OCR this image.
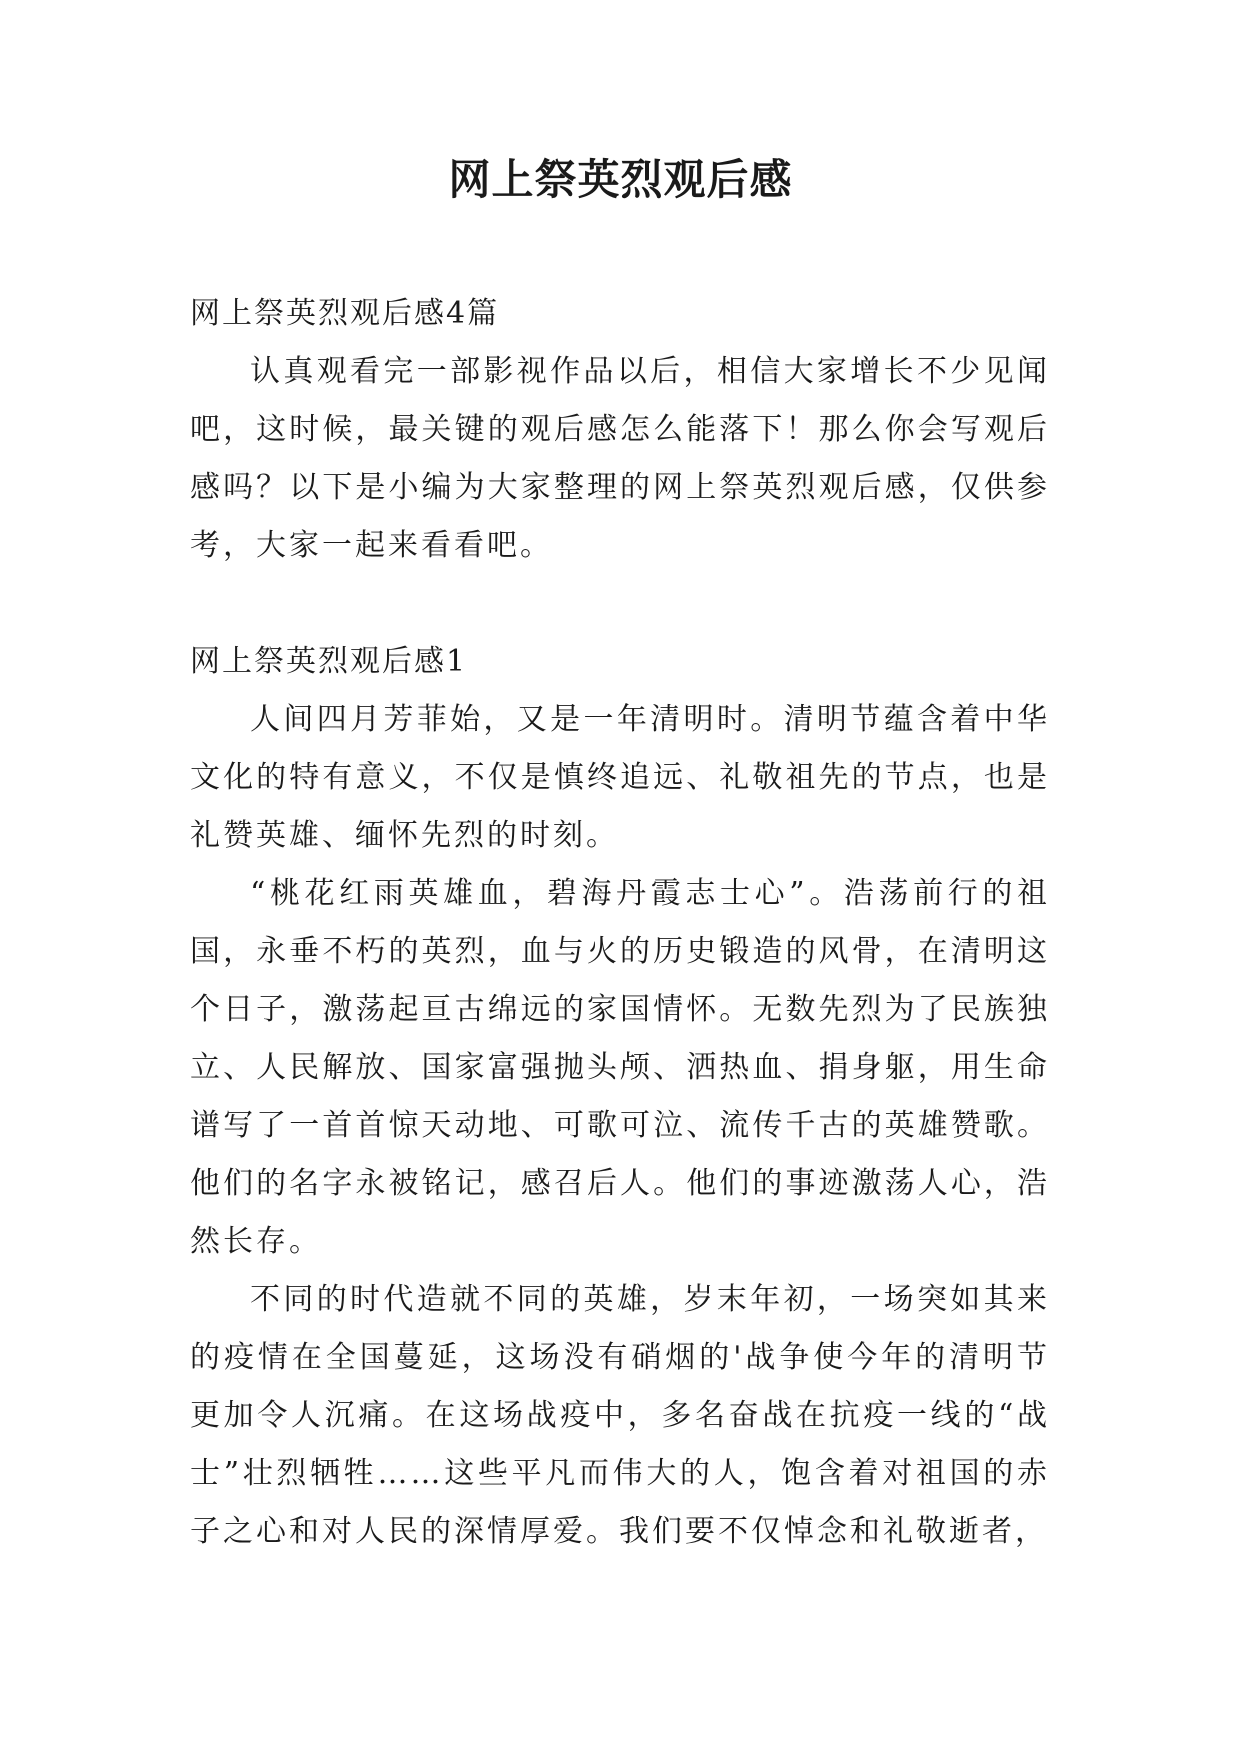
网上祭英烈观后感

网上祭英烈观后感4篇

认真观看完一部影视作品以后，相信大家增长不少见闻吧，这时候，最关键的观后感怎么能落下！那么你会写观后感吗？以下是小编为大家整理的网上祭英烈观后感，仅供参考，大家一起来看看吧。

网上祭英烈观后感1

人间四月芳菲始，又是一年清明时。清明节蕴含着中华文化的特有意义，不仅是慎终追远、礼敬祖先的节点，也是礼赞英雄、缅怀先烈的时刻。

“桃花红雨英雄血，碧海丹霞志士心”。浩荡前行的祖国，永垂不朽的英烈，血与火的历史锻造的风骨，在清明这个日子，激荡起亘古绵远的家国情怀。无数先烈为了民族独立、人民解放、国家富强抛头颅、洒热血、捐身躯，用生命谱写了一首首惊天动地、可歌可泣、流传千古的英雄赞歌。他们的名字永被铭记，感召后人。他们的事迹激荡人心，浩然长存。

不同的时代造就不同的英雄，岁末年初，一场突如其来的疫情在全国蔓延，这场没有硝烟的'战争使今年的清明节更加令人沉痛。在这场战疫中，多名奋战在抗疫一线的“战士”壮烈牺牲……这些平凡而伟大的人，饱含着对祖国的赤子之心和对人民的深情厚爱。我们要不仅悼念和礼敬逝者，
